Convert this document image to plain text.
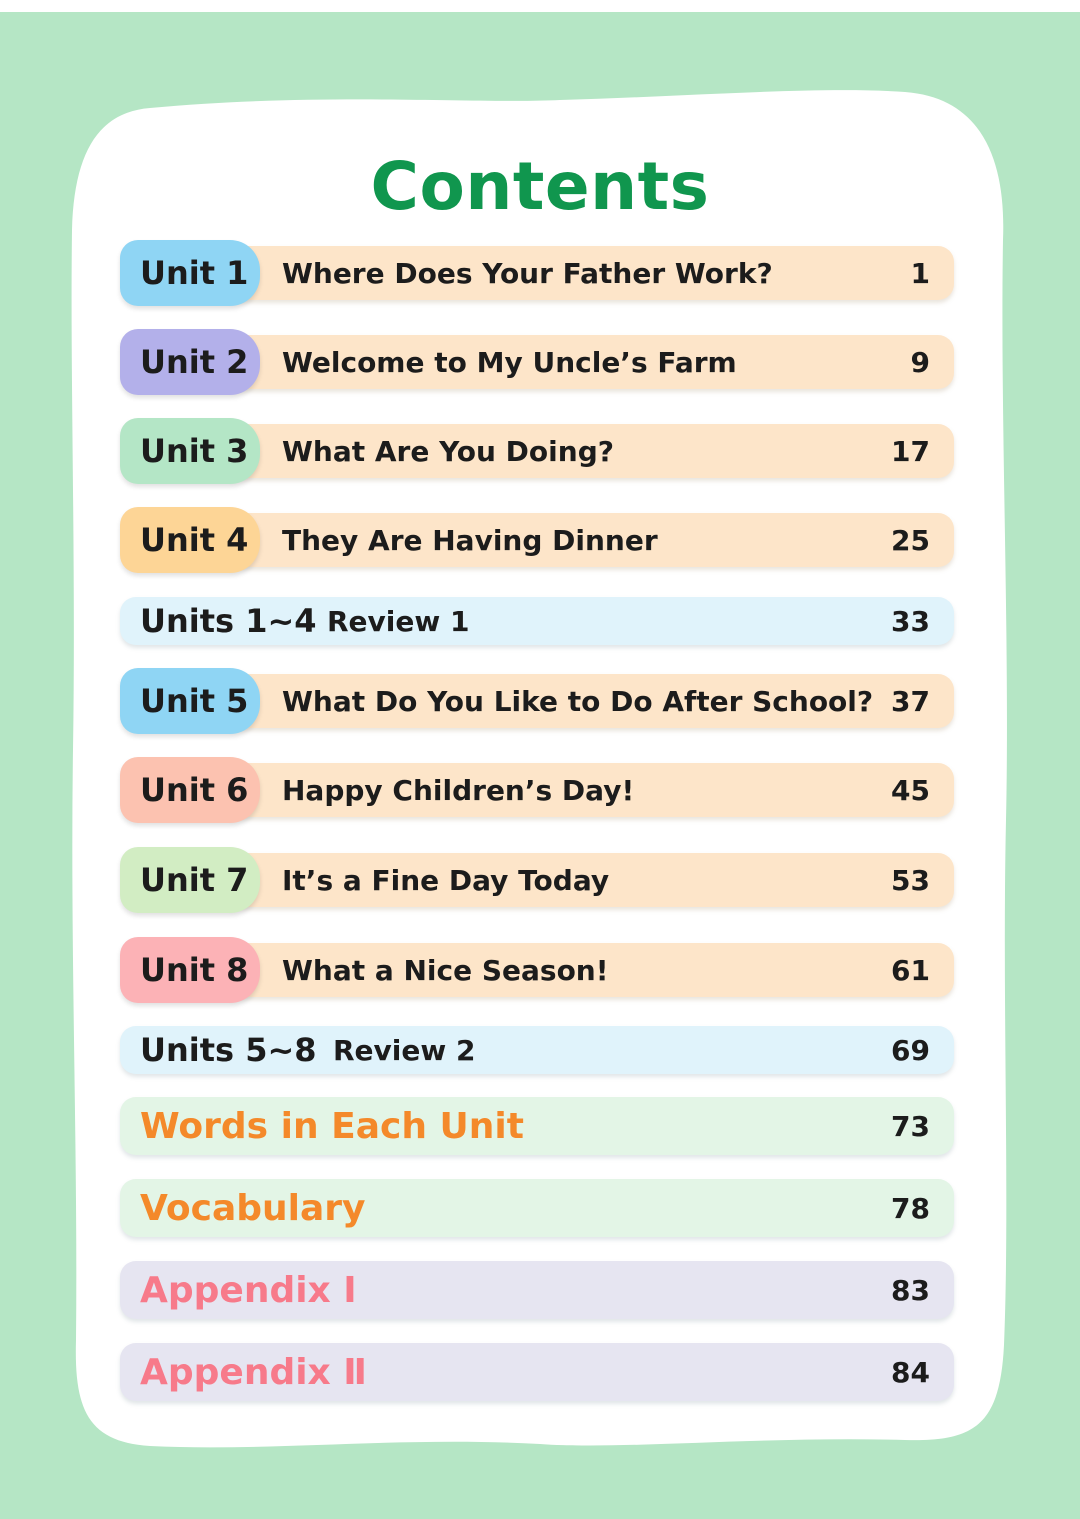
Contents
Unit 1 Where Does Your Father Work?	1
Unit 2 Welcome to My Uncle’s Farm	9
Unit 3 What Are You Doing?	17
Unit 4 They Are Having Dinner	25
Units 1~4 Review 1	33
Unit 5 What Do You Like to Do After School? 37
Unit 6 Happy Children’s Day!	45
Unit 7 It’s a Fine Day Today	53
Unit 8 What a Nice Season!	61
Units 5~8 Review 2	69
Words in Each Unit	73
Vocabulary	78
Appendix Ⅰ	83
Appendix Ⅱ	84
